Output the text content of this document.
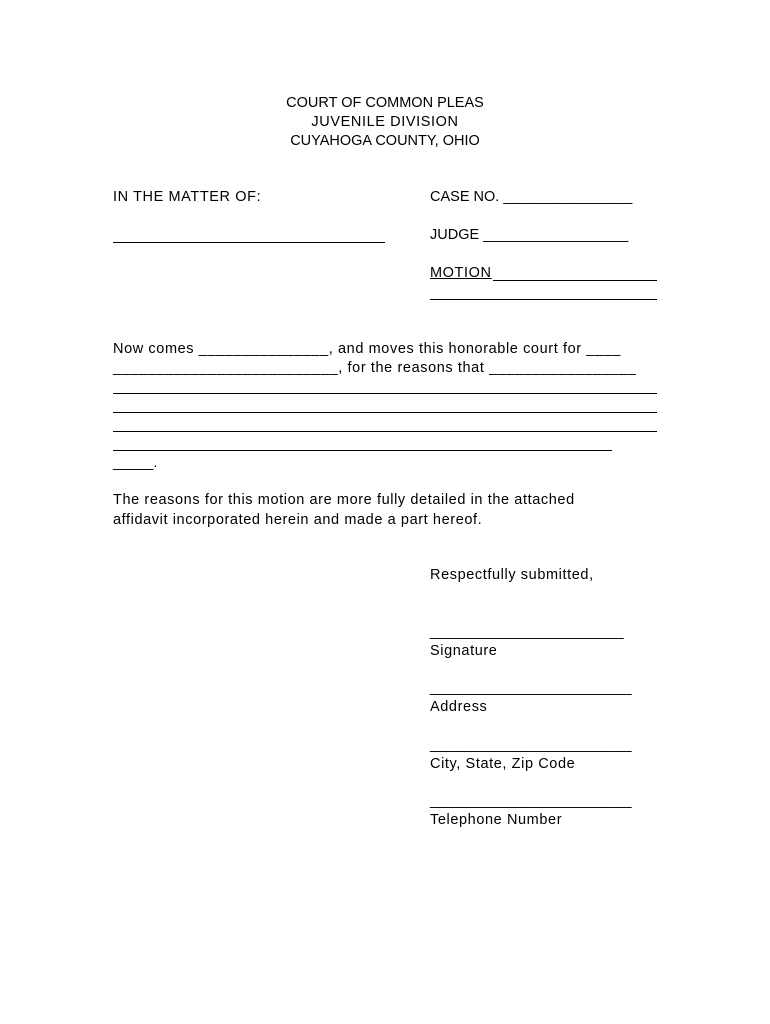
COURT OF COMMON PLEAS
JUVENILE DIVISION
CUYAHOGA COUNTY, OHIO
IN THE MATTER OF:	CASE NO. ________________
JUDGE __________________
MOTION
Now comes _______________, and moves this honorable court for ____
__________________________, for the reasons that _________________
_____.
The reasons for this motion are more fully detailed in the attached
affidavit incorporated herein and made a part hereof.
Respectfully submitted,
________________________
Signature
_________________________
Address
_________________________
City, State, Zip Code
_________________________
Telephone Number
